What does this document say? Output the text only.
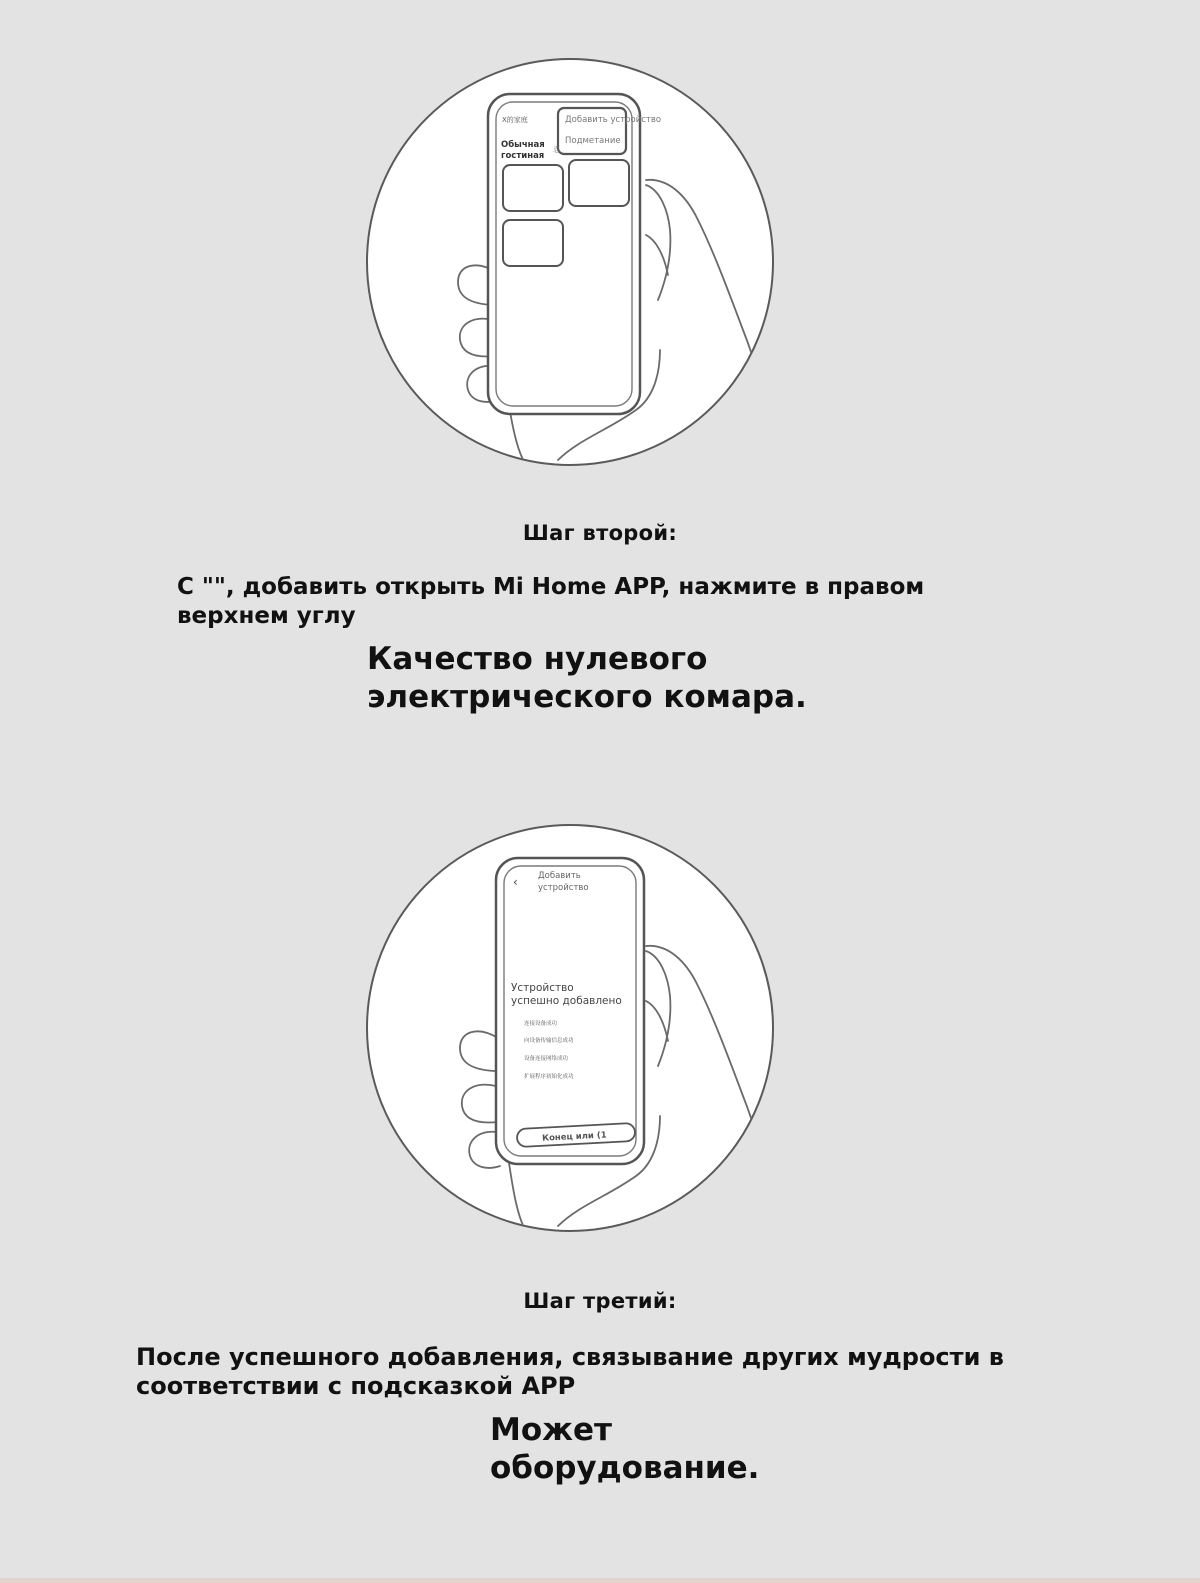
X的家庭	Добавить устройство
Подметание
Обычная
гостиная
忍
Шаг второй:
С "", добавить открыть Mi Home APP, нажмите в правом
верхнем углу
Качество нулевого
электрического комара.
‹ Добавить
устройство
Устройство
успешно добавлено
连接设备成功
向设备传输信息成功
设备连接网络成功
扩展程序初始化成功
Конец или (1
Шаг третий:
После успешного добавления, связывание других мудрости в
соответствии с подсказкой APP
Может
оборудование.
